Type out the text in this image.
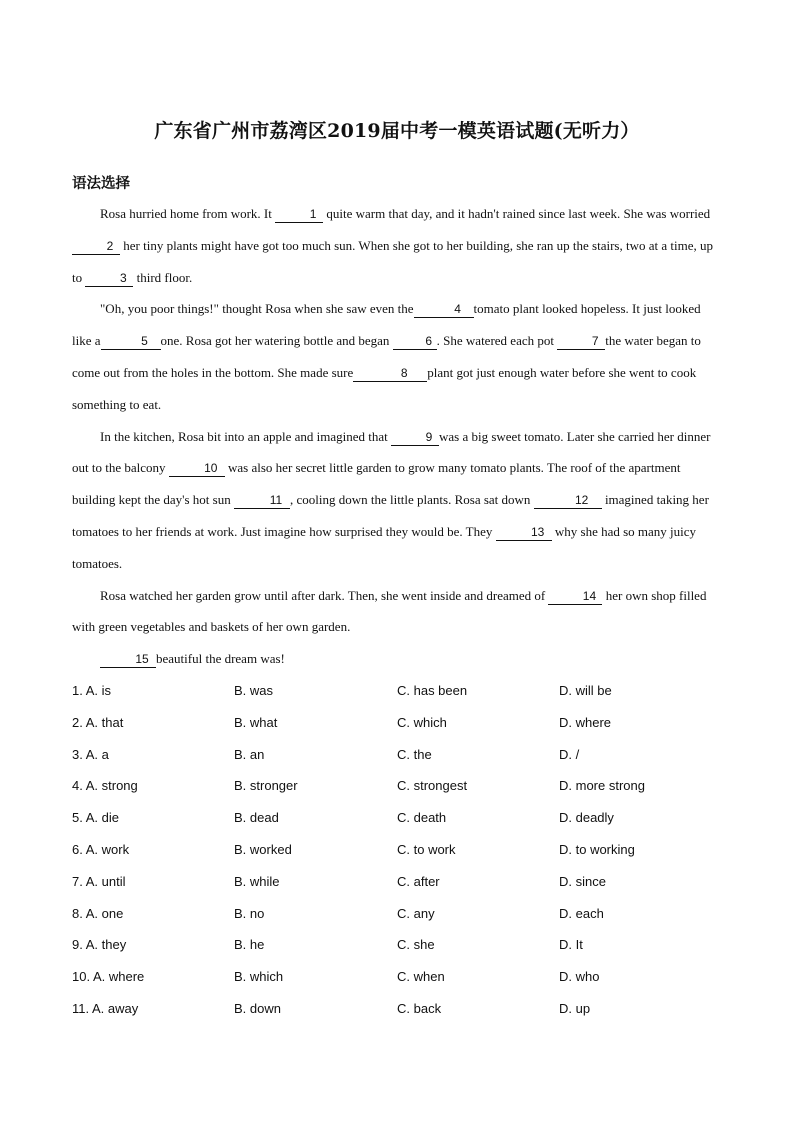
广东省广州市荔湾区2019届中考一模英语试题(无听力）
语法选择

Rosa hurried home from work. It	1 quite warm that day, and it hadn't rained since last week. She was worried 2 her tiny plants might have got too much sun. When she got to her building, she ran up the stairs, two at a time, up to	3 third floor.

"Oh, you poor things!" thought Rosa when she saw even the	4 tomato plant looked hopeless. It just looked like a	5 one. Rosa got her watering bottle and began	6 . She watered each pot	7 the water began to come out from the holes in the bottom. She made sure	8 plant got just enough water before she went to cook something to eat.

In the kitchen, Rosa bit into an apple and imagined that	9 was a big sweet tomato. Later she carried her dinner out to the balcony	10 was also her secret little garden to grow many tomato plants. The roof of the apartment building kept the day's hot sun	11 , cooling down the little plants. Rosa sat down	12 imagined taking her tomatoes to her friends at work. Just imagine how surprised they would be. They	13 why she had so many juicy tomatoes.

Rosa watched her garden grow until after dark. Then, she went inside and dreamed of	14 her own shop filled with green vegetables and baskets of her own garden.

15 beautiful the dream was!

1. A. is	B. was	C. has been	D. will be
2. A. that	B. what	C. which	D. where
3. A. a	B. an	C. the	D. /
4. A. strong	B. stronger	C. strongest	D. more strong
5. A. die	B. dead	C. death	D. deadly
6. A. work	B. worked	C. to work	D. to working
7. A. until	B. while	C. after	D. since
8. A. one	B. no	C. any	D. each
9. A. they	B. he	C. she	D. It
10. A. where	B. which	C. when	D. who
11. A. away	B. down	C. back	D. up
